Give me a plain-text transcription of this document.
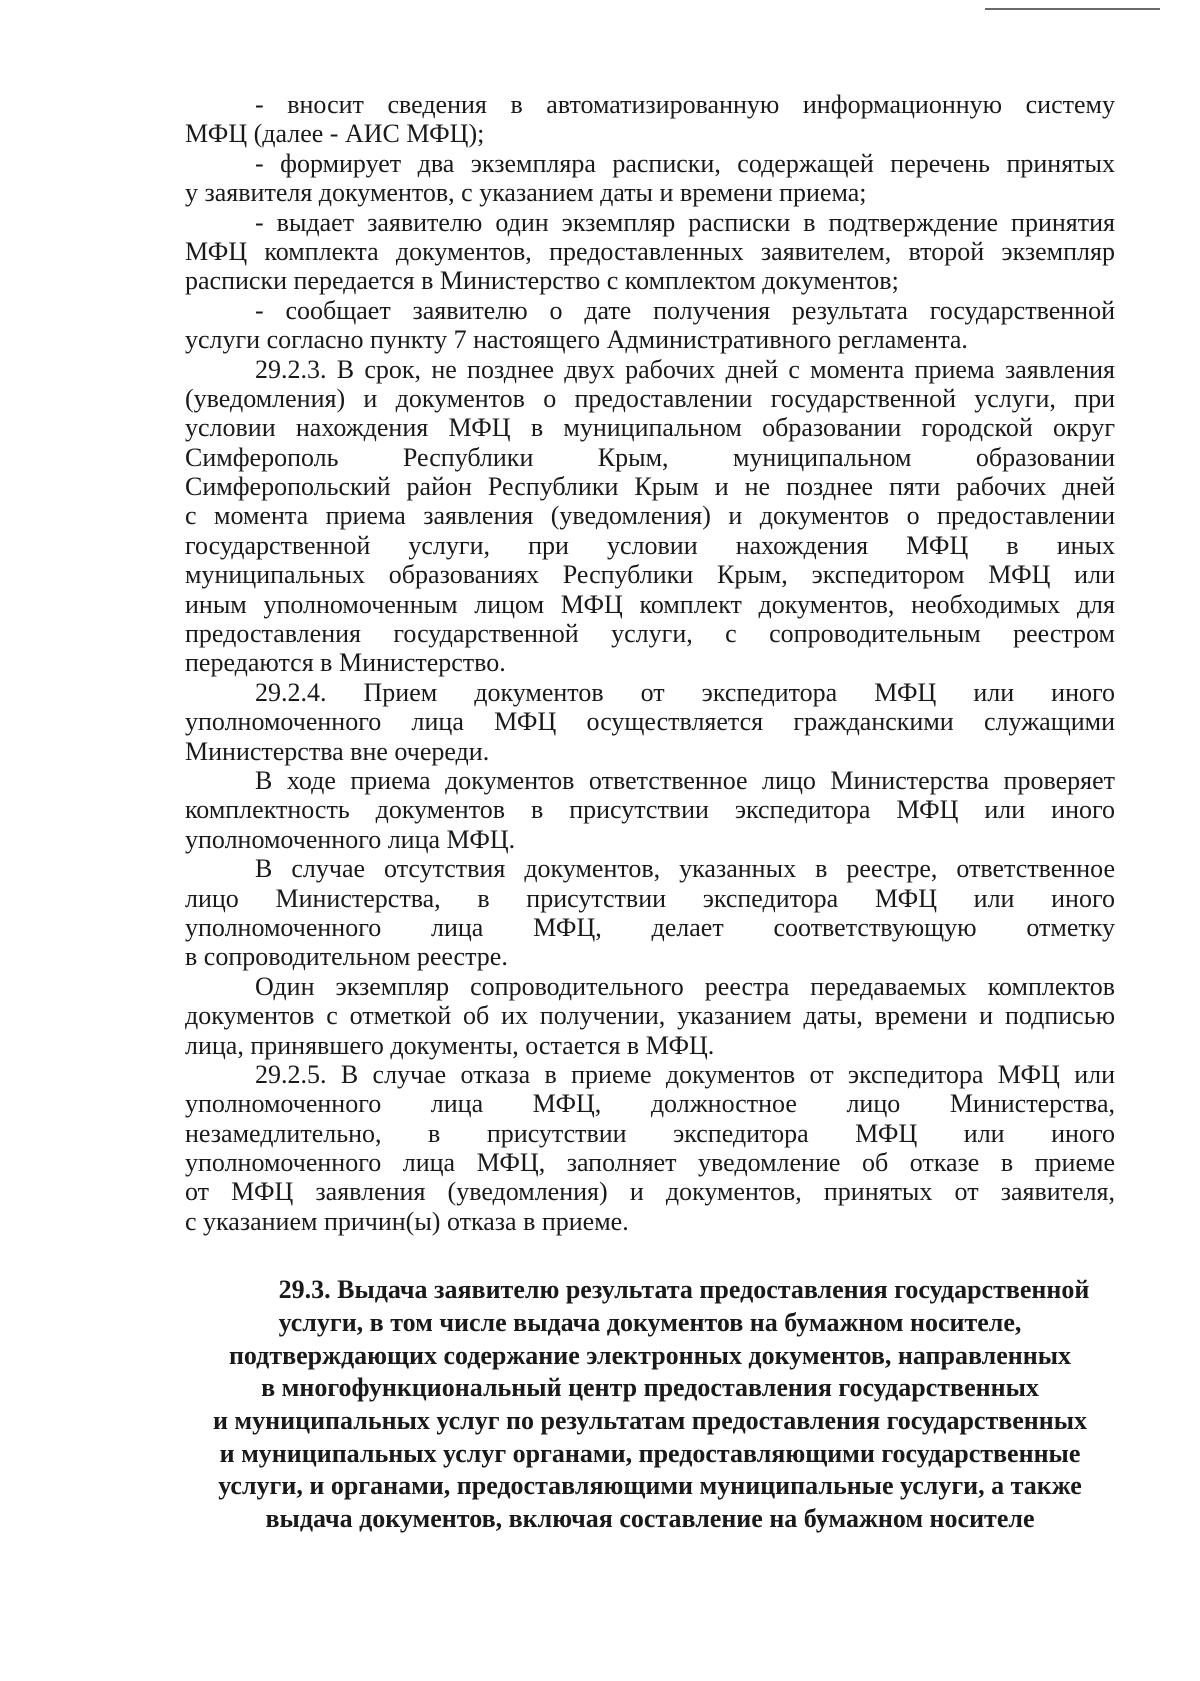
- вносит сведения в автоматизированную информационную систему
МФЦ (далее - АИС МФЦ);
- формирует два экземпляра расписки, содержащей перечень принятых
у заявителя документов, с указанием даты и времени приема;
- выдает заявителю один экземпляр расписки в подтверждение принятия
МФЦ комплекта документов, предоставленных заявителем, второй экземпляр
расписки передается в Министерство с комплектом документов;
- сообщает заявителю о дате получения результата государственной
услуги согласно пункту 7 настоящего Административного регламента.
29.2.3. В срок, не позднее двух рабочих дней с момента приема заявления
(уведомления) и документов о предоставлении государственной услуги, при
условии нахождения МФЦ в муниципальном образовании городской округ
Симферополь Республики Крым, муниципальном образовании
Симферопольский район Республики Крым и не позднее пяти рабочих дней
с момента приема заявления (уведомления) и документов о предоставлении
государственной услуги, при условии нахождения МФЦ в иных
муниципальных образованиях Республики Крым, экспедитором МФЦ или
иным уполномоченным лицом МФЦ комплект документов, необходимых для
предоставления государственной услуги, с сопроводительным реестром
передаются в Министерство.
29.2.4. Прием документов от экспедитора МФЦ или иного
уполномоченного лица МФЦ осуществляется гражданскими служащими
Министерства вне очереди.
В ходе приема документов ответственное лицо Министерства проверяет
комплектность документов в присутствии экспедитора МФЦ или иного
уполномоченного лица МФЦ.
В случае отсутствия документов, указанных в реестре, ответственное
лицо Министерства, в присутствии экспедитора МФЦ или иного
уполномоченного лица МФЦ, делает соответствующую отметку
в сопроводительном реестре.
Один экземпляр сопроводительного реестра передаваемых комплектов
документов с отметкой об их получении, указанием даты, времени и подписью
лица, принявшего документы, остается в МФЦ.
29.2.5. В случае отказа в приеме документов от экспедитора МФЦ или
уполномоченного лица МФЦ, должностное лицо Министерства,
незамедлительно, в присутствии экспедитора МФЦ или иного
уполномоченного лица МФЦ, заполняет уведомление об отказе в приеме
от МФЦ заявления (уведомления) и документов, принятых от заявителя,
с указанием причин(ы) отказа в приеме.
29.3. Выдача заявителю результата предоставления государственной
услуги, в том числе выдача документов на бумажном носителе,
подтверждающих содержание электронных документов, направленных
в многофункциональный центр предоставления государственных
и муниципальных услуг по результатам предоставления государственных
и муниципальных услуг органами, предоставляющими государственные
услуги, и органами, предоставляющими муниципальные услуги, а также
выдача документов, включая составление на бумажном носителе
